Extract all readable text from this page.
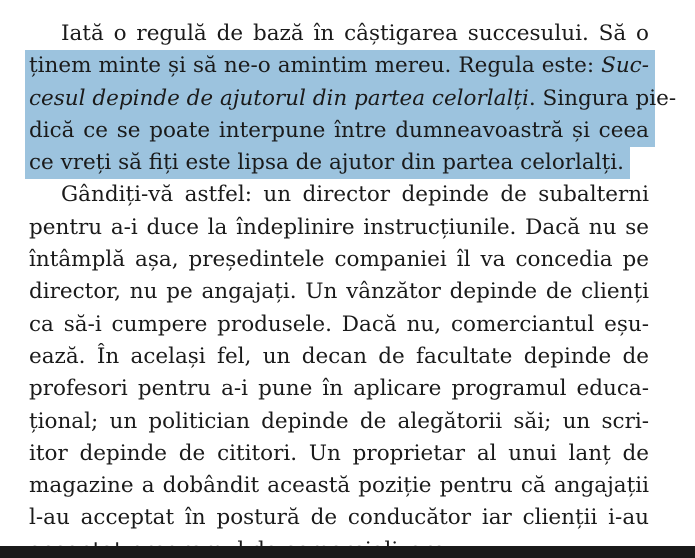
Iată o regulă de bază în câștigarea succesului. Să o
ținem minte și să ne-o amintim mereu. Regula este: Suc-
cesul depinde de ajutorul din partea celorlalți. Singura pie-
dică ce se poate interpune între dumneavoastră și ceea
ce vreți să fiți este lipsa de ajutor din partea celorlalți.
Gândiți-vă astfel: un director depinde de subalterni
pentru a-i duce la îndeplinire instrucțiunile. Dacă nu se
întâmplă așa, președintele companiei îl va concedia pe
director, nu pe angajați. Un vânzător depinde de clienți
ca să-i cumpere produsele. Dacă nu, comerciantul eșu-
ează. În același fel, un decan de facultate depinde de
profesori pentru a-i pune în aplicare programul educa-
țional; un politician depinde de alegătorii săi; un scri-
itor depinde de cititori. Un proprietar al unui lanț de
magazine a dobândit această poziție pentru că angajații
l-au acceptat în postură de conducător iar clienții i-au
